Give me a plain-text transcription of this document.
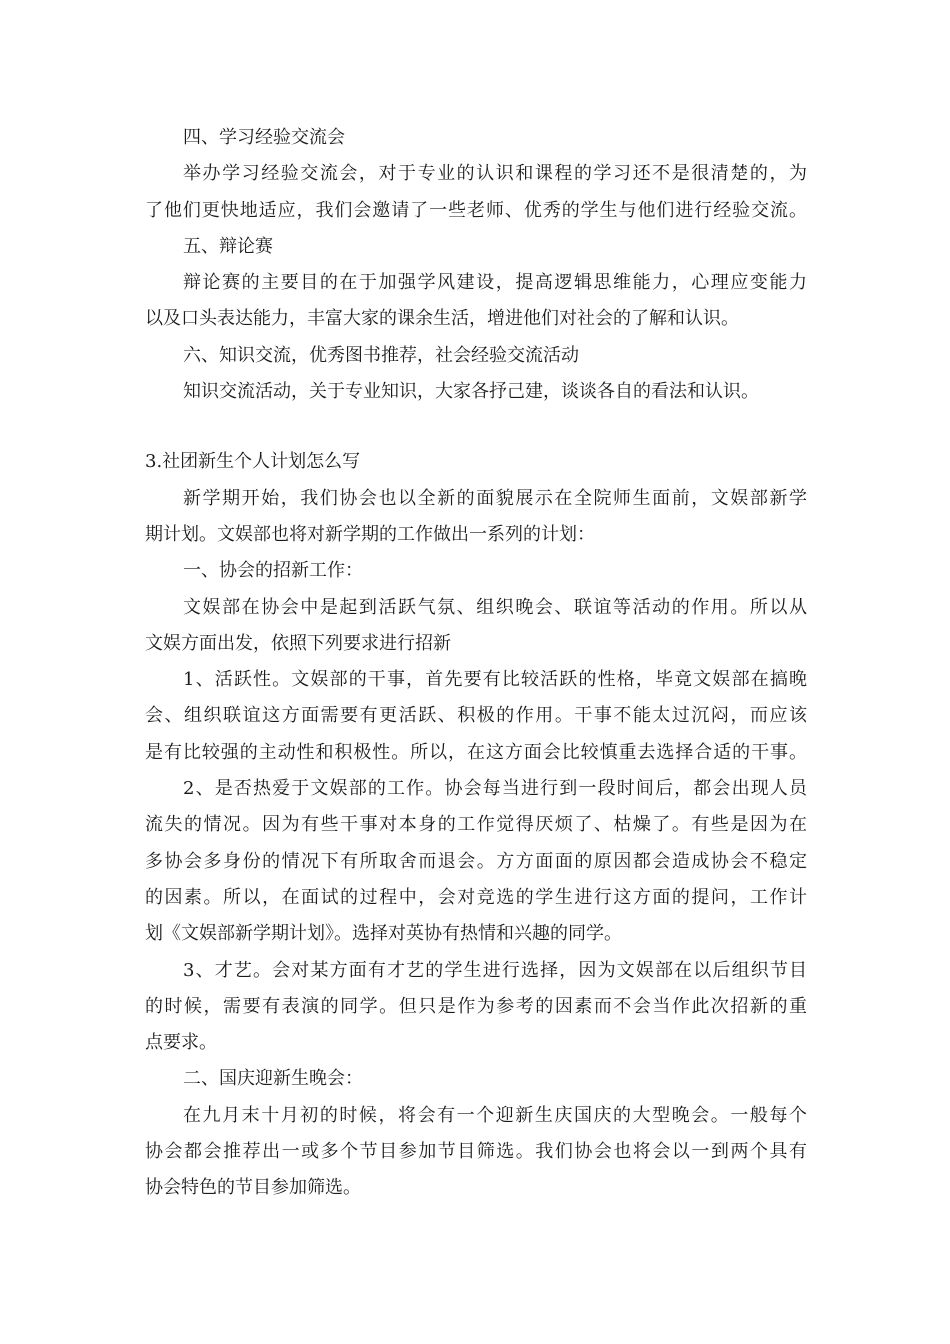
四、学习经验交流会
举办学习经验交流会，对于专业的认识和课程的学习还不是很清楚的，为
了他们更快地适应，我们会邀请了一些老师、优秀的学生与他们进行经验交流。
五、辩论赛
辩论赛的主要目的在于加强学风建设，提高逻辑思维能力，心理应变能力
以及口头表达能力，丰富大家的课余生活，增进他们对社会的了解和认识。
六、知识交流，优秀图书推荐，社会经验交流活动
知识交流活动，关于专业知识，大家各抒己建，谈谈各自的看法和认识。
3.社团新生个人计划怎么写
新学期开始，我们协会也以全新的面貌展示在全院师生面前，文娱部新学
期计划。文娱部也将对新学期的工作做出一系列的计划：
一、协会的招新工作：
文娱部在协会中是起到活跃气氛、组织晚会、联谊等活动的作用。所以从
文娱方面出发，依照下列要求进行招新
1、活跃性。文娱部的干事，首先要有比较活跃的性格，毕竟文娱部在搞晚
会、组织联谊这方面需要有更活跃、积极的作用。干事不能太过沉闷，而应该
是有比较强的主动性和积极性。所以，在这方面会比较慎重去选择合适的干事。
2、是否热爱于文娱部的工作。协会每当进行到一段时间后，都会出现人员
流失的情况。因为有些干事对本身的工作觉得厌烦了、枯燥了。有些是因为在
多协会多身份的情况下有所取舍而退会。方方面面的原因都会造成协会不稳定
的因素。所以，在面试的过程中，会对竞选的学生进行这方面的提问，工作计
划《文娱部新学期计划》。选择对英协有热情和兴趣的同学。
3、才艺。会对某方面有才艺的学生进行选择，因为文娱部在以后组织节目
的时候，需要有表演的同学。但只是作为参考的因素而不会当作此次招新的重
点要求。
二、国庆迎新生晚会：
在九月末十月初的时候，将会有一个迎新生庆国庆的大型晚会。一般每个
协会都会推荐出一或多个节目参加节目筛选。我们协会也将会以一到两个具有
协会特色的节目参加筛选。
